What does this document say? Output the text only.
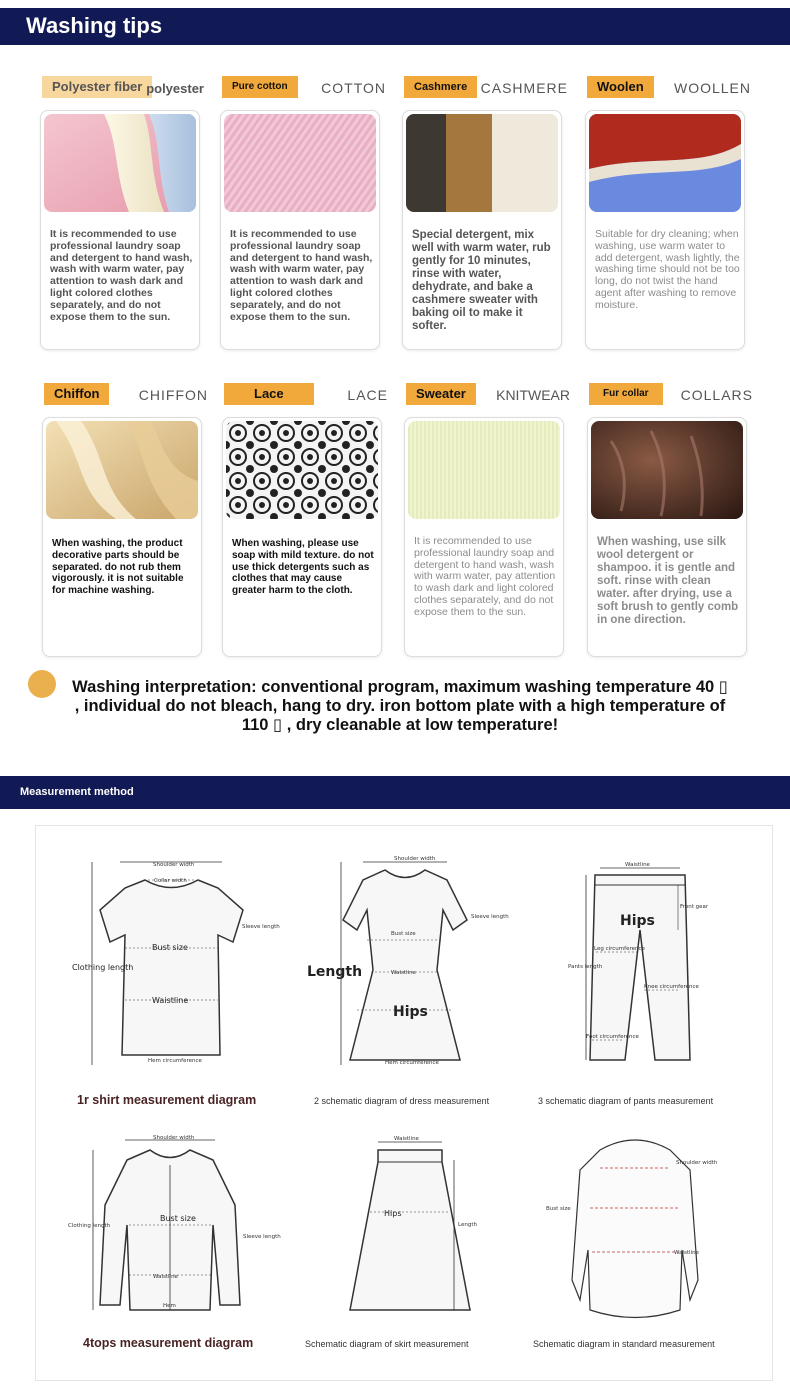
Washing tips
Polyester fiber polyester
It is recommended to use professional laundry soap and detergent to hand wash, wash with warm water, pay attention to wash dark and light colored clothes separately, and do not expose them to the sun.
Pure cotton	COTTON
It is recommended to use professional laundry soap and detergent to hand wash, wash with warm water, pay attention to wash dark and light colored clothes separately, and do not expose them to the sun.
Cashmere CASHMERE
Special detergent, mix well with warm water, rub gently for 10 minutes, rinse with water, dehydrate, and bake a cashmere sweater with baking oil to make it softer.
Woolen	WOOLLEN
Suitable for dry cleaning; when washing, use warm water to add detergent, wash lightly, the washing time should not be too long, do not twist the hand agent after washing to remove moisture.
Chiffon	CHIFFON
When washing, the product decorative parts should be separated. do not rub them vigorously. it is not suitable for machine washing.
Lace	LACE
When washing, please use soap with mild texture. do not use thick detergents such as clothes that may cause greater harm to the cloth.
Sweater	KNITWEAR
It is recommended to use professional laundry soap and detergent to hand wash, wash with warm water, pay attention to wash dark and light colored clothes separately, and do not expose them to the sun.
Fur collar	COLLARS
When washing, use silk wool detergent or shampoo. it is gentle and soft. rinse with clean water. after drying, use a soft brush to gently comb in one direction.
Washing interpretation: conventional program, maximum washing temperature 40 ▯ , individual do not bleach, hang to dry. iron bottom plate with a high temperature of 110 ▯ , dry cleanable at low temperature!
Measurement method
Shoulder width
Collar width
Sleeve length
Bust size
Clothing length
Waistline
Hem circumference
1r shirt measurement diagram
Shoulder width
Sleeve length
Bust size
Length	Waistline
Hips
Hem circumference
2 schematic diagram of dress measurement
Waistline
Hips
Front gear
Leg circumference
Pants length
Knee circumference
Foot circumference
3 schematic diagram of pants measurement
Shoulder width
Bust size
Clothing length
Sleeve length
Waistline
Hem
4tops measurement diagram
Waistline
Hips
Length
Schematic diagram of skirt measurement
Shoulder width
Bust size
Waistline
Schematic diagram in standard measurement
